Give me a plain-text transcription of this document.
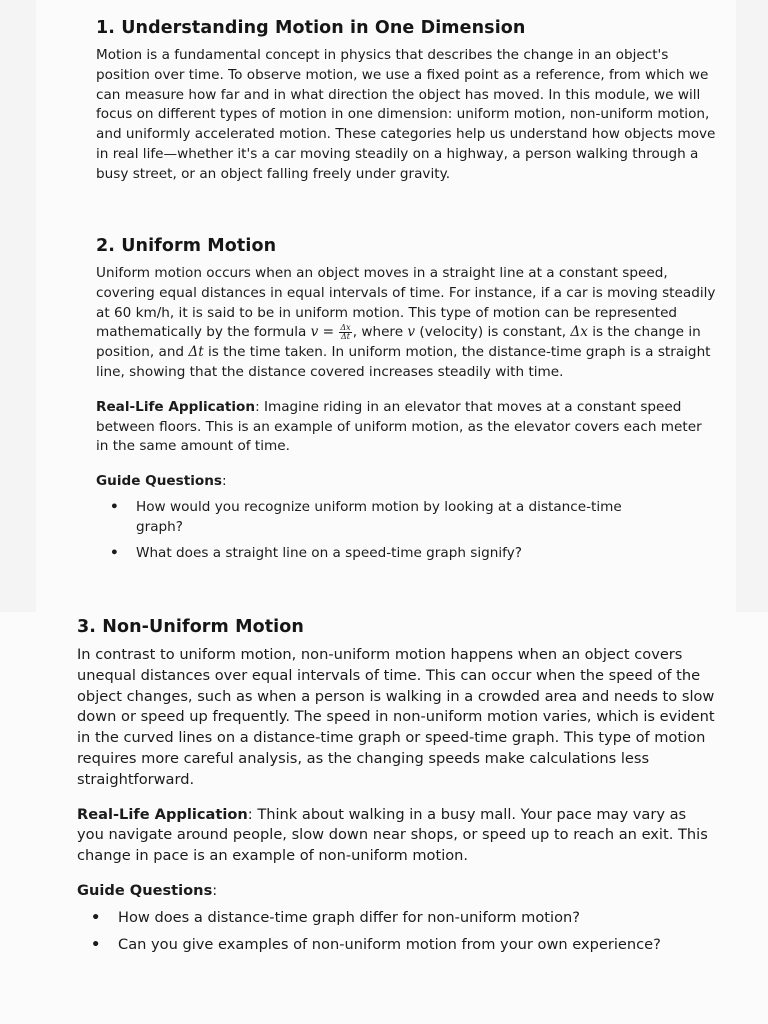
1. Understanding Motion in One Dimension

Motion is a fundamental concept in physics that describes the change in an object's position over time. To observe motion, we use a fixed point as a reference, from which we can measure how far and in what direction the object has moved. In this module, we will focus on different types of motion in one dimension: uniform motion, non-uniform motion, and uniformly accelerated motion. These categories help us understand how objects move in real life—whether it's a car moving steadily on a highway, a person walking through a busy street, or an object falling freely under gravity.

2. Uniform Motion

Uniform motion occurs when an object moves in a straight line at a constant speed, covering equal distances in equal intervals of time. For instance, if a car is moving steadily at 60 km/h, it is said to be in uniform motion. This type of motion can be represented mathematically by the formula $v = \frac{\Delta x}{\Delta t}$ , where v (velocity) is constant, Δx is the change in position, and Δt is the time taken. In uniform motion, the distance-time graph is a straight line, showing that the distance covered increases steadily with time.

Real-Life Application: Imagine riding in an elevator that moves at a constant speed between floors. This is an example of uniform motion, as the elevator covers each meter in the same amount of time.

Guide Questions:

• How would you recognize uniform motion by looking at a distance-time graph?
• What does a straight line on a speed-time graph signify?
3. Non-Uniform Motion

In contrast to uniform motion, non-uniform motion happens when an object covers unequal distances over equal intervals of time. This can occur when the speed of the object changes, such as when a person is walking in a crowded area and needs to slow down or speed up frequently. The speed in non-uniform motion varies, which is evident in the curved lines on a distance-time graph or speed-time graph. This type of motion requires more careful analysis, as the changing speeds make calculations less straightforward.

Real-Life Application: Think about walking in a busy mall. Your pace may vary as you navigate around people, slow down near shops, or speed up to reach an exit. This change in pace is an example of non-uniform motion.

Guide Questions:

• How does a distance-time graph differ for non-uniform motion?
• Can you give examples of non-uniform motion from your own experience?
